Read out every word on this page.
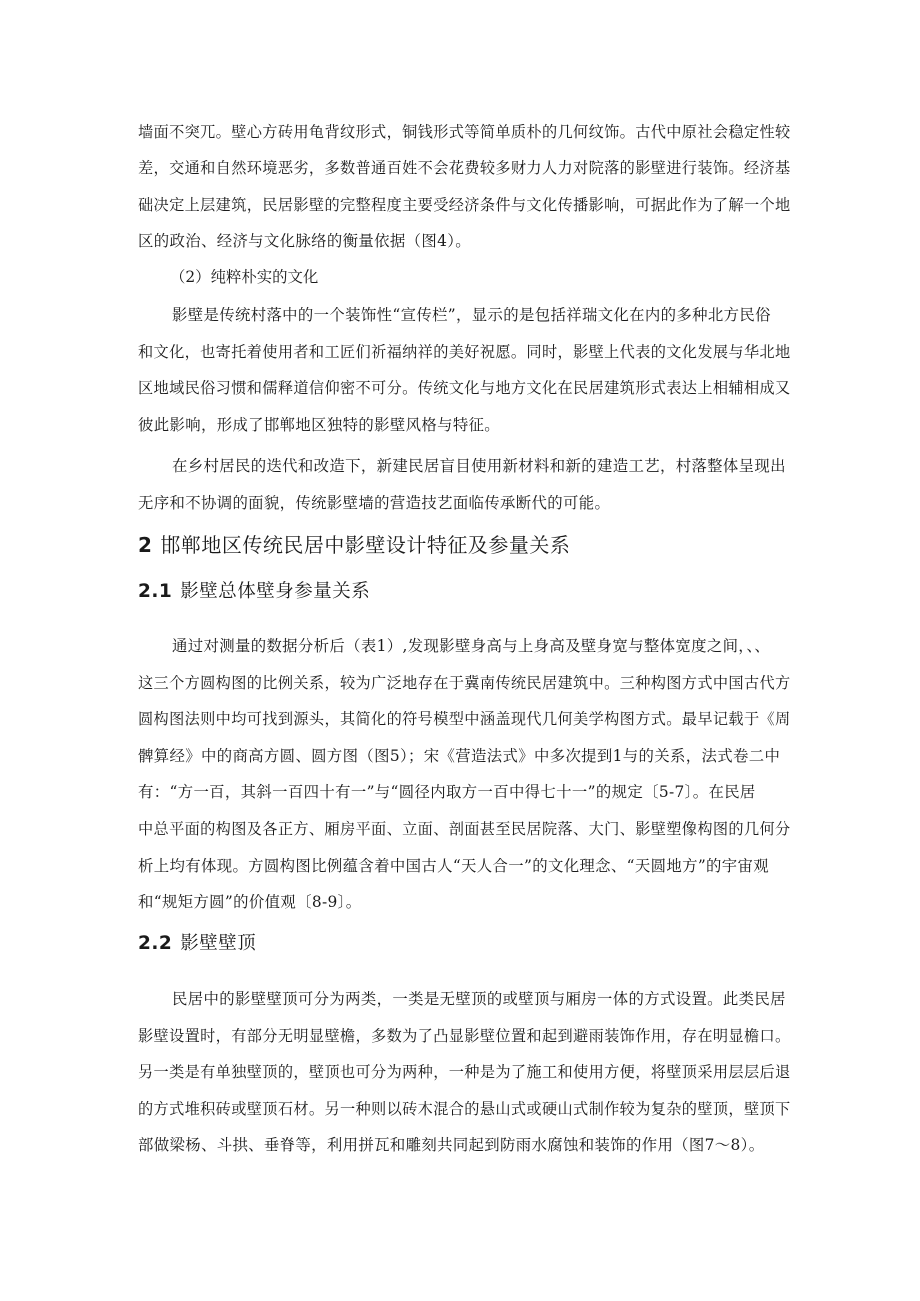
墙面不突兀。壁心方砖用龟背纹形式，铜钱形式等简单质朴的几何纹饰。古代中原社会稳定性较
差，交通和自然环境恶劣，多数普通百姓不会花费较多财力人力对院落的影壁进行装饰。经济基
础决定上层建筑，民居影壁的完整程度主要受经济条件与文化传播影响，可据此作为了解一个地
区的政治、经济与文化脉络的衡量依据（图4）。
（2）纯粹朴实的文化
影壁是传统村落中的一个装饰性“宣传栏”，显示的是包括祥瑞文化在内的多种北方民俗
和文化，也寄托着使用者和工匠们祈福纳祥的美好祝愿。同时，影壁上代表的文化发展与华北地
区地域民俗习惯和儒释道信仰密不可分。传统文化与地方文化在民居建筑形式表达上相辅相成又
彼此影响，形成了邯郸地区独特的影壁风格与特征。
在乡村居民的迭代和改造下，新建民居盲目使用新材料和新的建造工艺，村落整体呈现出
无序和不协调的面貌，传统影壁墙的营造技艺面临传承断代的可能。
2 邯郸地区传统民居中影壁设计特征及参量关系
2.1 影壁总体壁身参量关系
通过对测量的数据分析后（表1）,发现影壁身高与上身高及壁身宽与整体宽度之间，、、
这三个方圆构图的比例关系，较为广泛地存在于冀南传统民居建筑中。三种构图方式中国古代方
圆构图法则中均可找到源头，其简化的符号模型中涵盖现代几何美学构图方式。最早记载于《周
髀算经》中的商高方圆、圆方图（图5）；宋《营造法式》中多次提到1与的关系，法式卷二中
有：“方一百，其斜一百四十有一”与“圆径内取方一百中得七十一”的规定〔5-7〕。在民居
中总平面的构图及各正方、厢房平面、立面、剖面甚至民居院落、大门、影壁塑像构图的几何分
析上均有体现。方圆构图比例蕴含着中国古人“天人合一”的文化理念、“天圆地方”的宇宙观
和“规矩方圆”的价值观〔8-9〕。
2.2 影壁壁顶
民居中的影壁壁顶可分为两类，一类是无壁顶的或壁顶与厢房一体的方式设置。此类民居
影壁设置时，有部分无明显壁檐，多数为了凸显影壁位置和起到避雨装饰作用，存在明显檐口。
另一类是有单独壁顶的，壁顶也可分为两种，一种是为了施工和使用方便，将壁顶采用层层后退
的方式堆积砖或壁顶石材。另一种则以砖木混合的悬山式或硬山式制作较为复杂的壁顶，壁顶下
部做梁杨、斗拱、垂脊等，利用拼瓦和雕刻共同起到防雨水腐蚀和装饰的作用（图7～8）。
